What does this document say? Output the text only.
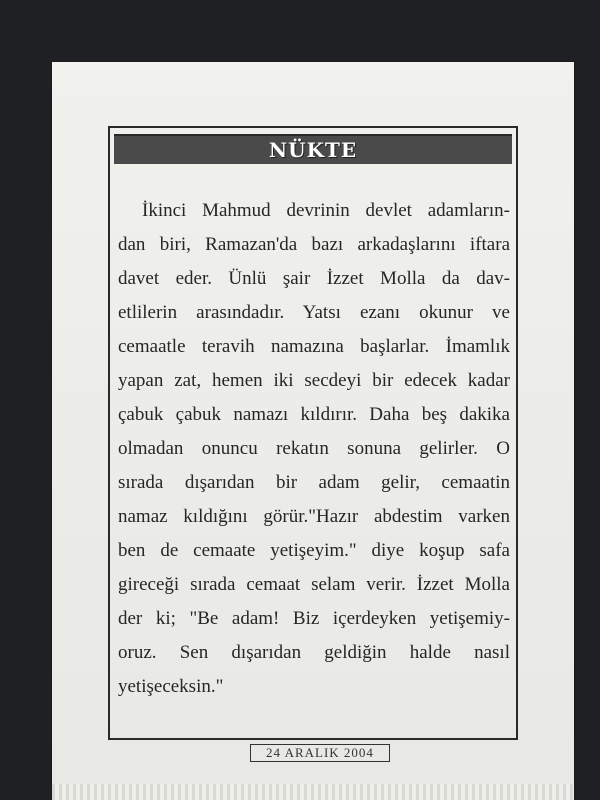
NÜKTE
İkinci Mahmud devrinin devlet adamların-
dan biri, Ramazan'da bazı arkadaşlarını iftara
davet eder. Ünlü şair İzzet Molla da dav-
etlilerin arasındadır. Yatsı ezanı okunur ve
cemaatle teravih namazına başlarlar. İmamlık
yapan zat, hemen iki secdeyi bir edecek kadar
çabuk çabuk namazı kıldırır. Daha beş dakika
olmadan onuncu rekatın sonuna gelirler. O
sırada dışarıdan bir adam gelir, cemaatin
namaz kıldığını görür."Hazır abdestim varken
ben de cemaate yetişeyim." diye koşup safa
gireceği sırada cemaat selam verir. İzzet Molla
der ki; "Be adam! Biz içerdeyken yetişemiy-
oruz. Sen dışarıdan geldiğin halde nasıl
yetişeceksin."
24 ARALIK 2004
